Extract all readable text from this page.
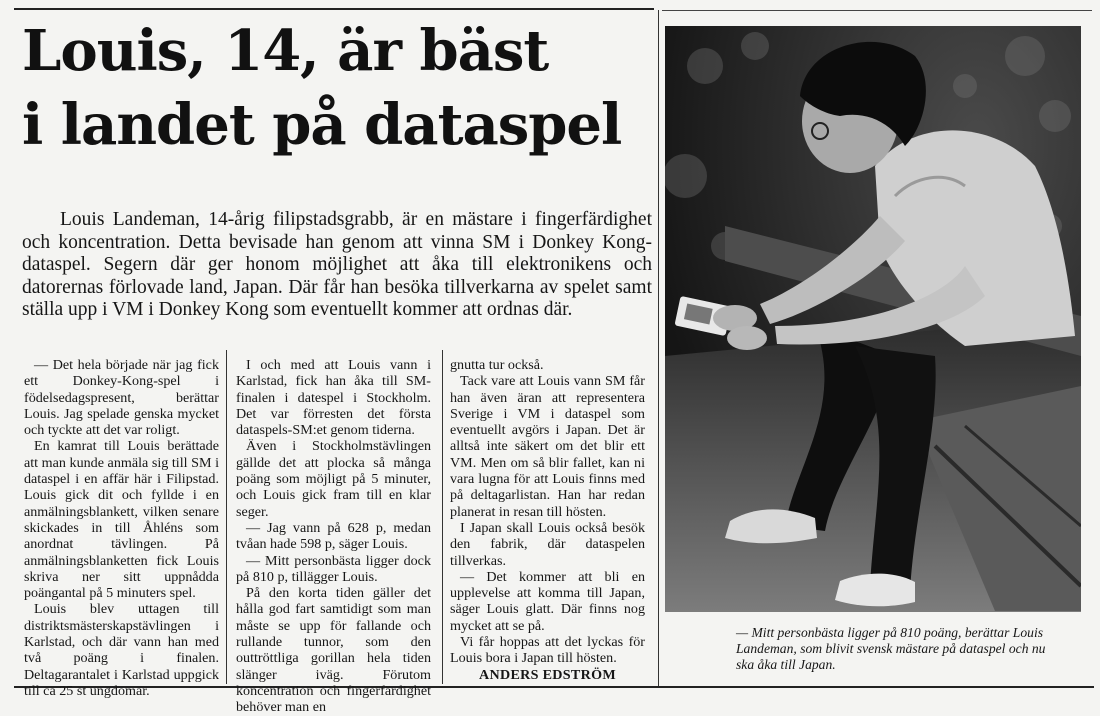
Louis, 14, är bäst
i landet på dataspel

Louis Landeman, 14-årig filipstadsgrabb, är en mästare i fingerfärdighet och koncentration. Detta bevisade han genom att vinna SM i Donkey Kong-dataspel. Segern där ger honom möjlighet att åka till elektronikens och datorernas förlovade land, Japan. Där får han besöka tillverkarna av spelet samt ställa upp i VM i Donkey Kong som eventuellt kommer att ordnas där.

— Det hela började när jag fick ett Donkey-Kong-spel i födelsedagspresent, berättar Louis. Jag spelade genska mycket och tyckte att det var roligt.

En kamrat till Louis berättade att man kunde anmäla sig till SM i dataspel i en affär här i Filipstad. Louis gick dit och fyllde i en anmälningsblankett, vilken senare skickades in till Åhléns som anordnat tävlingen. På anmälningsblanketten fick Louis skriva ner sitt uppnådda poängantal på 5 minuters spel.

Louis blev uttagen till distriktsmästerskapstävlingen i Karlstad, och där vann han med två poäng i finalen. Deltagarantalet i Karlstad uppgick till ca 25 st ungdomar.

I och med att Louis vann i Karlstad, fick han åka till SM-finalen i datespel i Stockholm. Det var förresten det första dataspels-SM:et genom tiderna.

Även i Stockholmstävlingen gällde det att plocka så många poäng som möjligt på 5 minuter, och Louis gick fram till en klar seger.

— Jag vann på 628 p, medan tvåan hade 598 p, säger Louis.

— Mitt personbästa ligger dock på 810 p, tillägger Louis.

På den korta tiden gäller det hålla god fart samtidigt som man måste se upp för fallande och rullande tunnor, som den outtröttliga gorillan hela tiden slänger iväg. Förutom koncentration och fingerfärdighet behöver man en

gnutta tur också.

Tack vare att Louis vann SM får han även äran att representera Sverige i VM i dataspel som eventuellt avgörs i Japan. Det är alltså inte säkert om det blir ett VM. Men om så blir fallet, kan ni vara lugna för att Louis finns med på deltagarlistan. Han har redan planerat in resan till hösten.

I Japan skall Louis också besök den fabrik, där dataspelen tillverkas.

— Det kommer att bli en upplevelse att komma till Japan, säger Louis glatt. Där finns nog mycket att se på.

Vi får hoppas att det lyckas för Louis bora i Japan till hösten.

ANDERS EDSTRÖM

— Mitt personbästa ligger på 810 poäng, berättar Louis Landeman, som blivit svensk mästare på dataspel och nu ska åka till Japan.
